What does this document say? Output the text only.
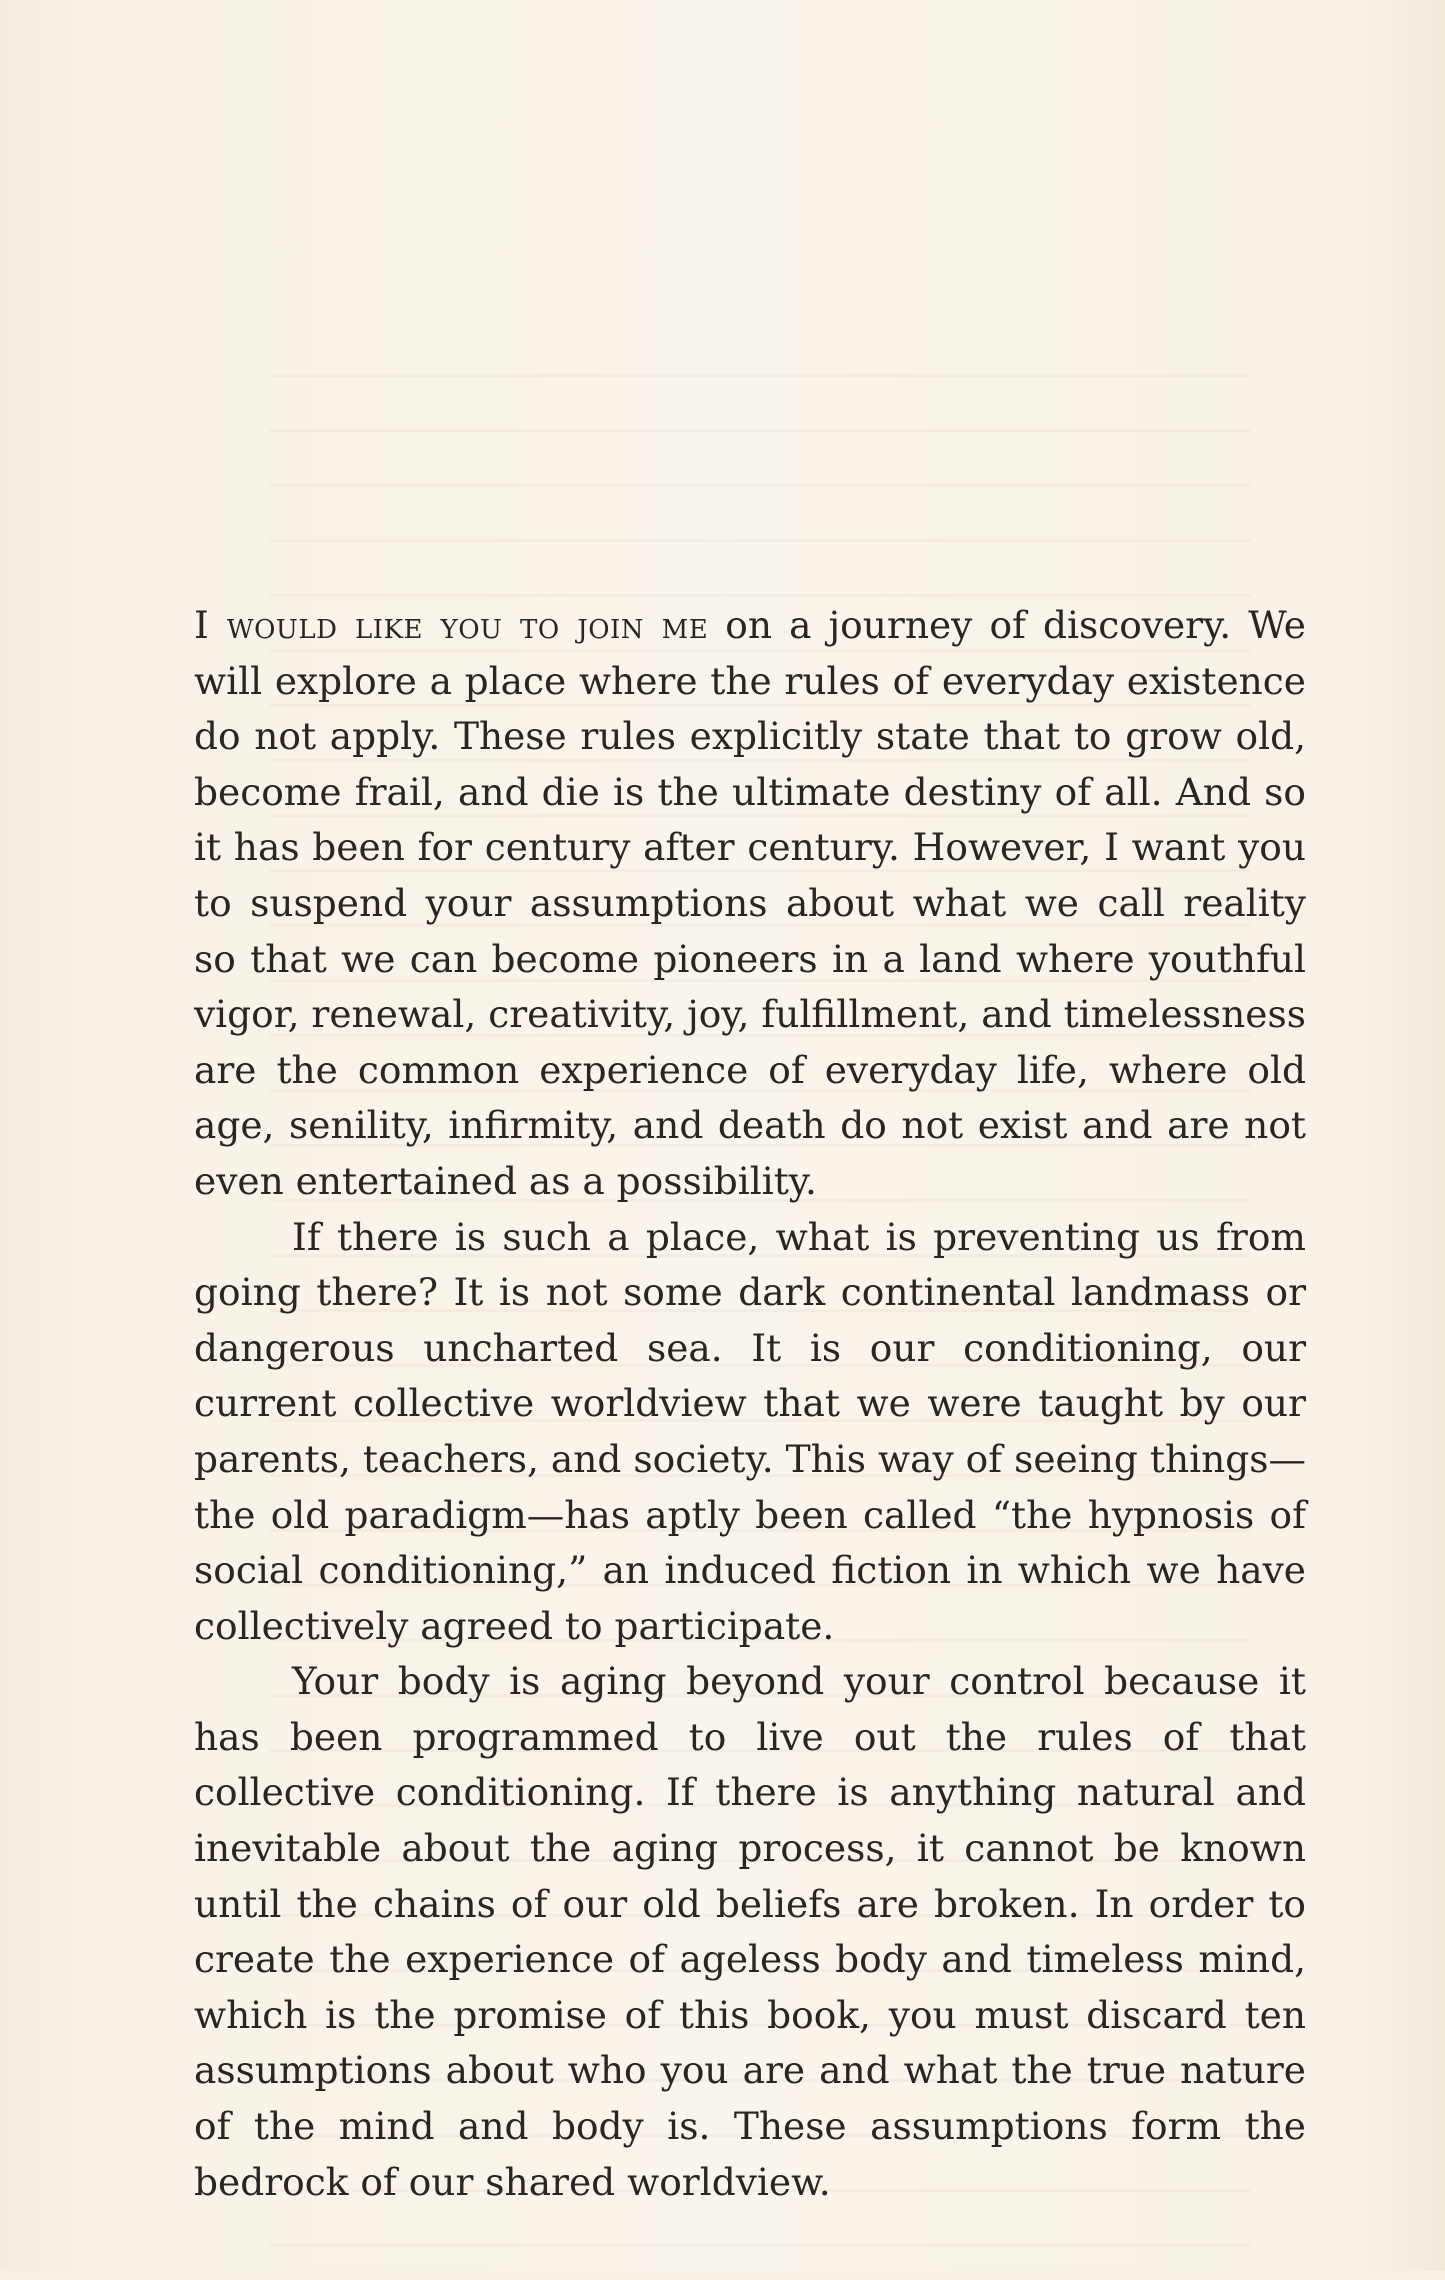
I would like you to join me on a journey of discovery. We will explore a place where the rules of everyday existence do not apply. These rules explicitly state that to grow old, become frail, and die is the ultimate destiny of all. And so it has been for century after century. However, I want you to suspend your assumptions about what we call reality so that we can become pioneers in a land where youthful vigor, renewal, creativity, joy, fulfillment, and timelessness are the common experience of everyday life, where old age, senility, infirmity, and death do not exist and are not even entertained as a possibility.

If there is such a place, what is preventing us from going there? It is not some dark continental landmass or dangerous uncharted sea. It is our conditioning, our current collective worldview that we were taught by our parents, teachers, and society. This way of seeing things—the old paradigm—has aptly been called “the hypnosis of social conditioning,” an induced fiction in which we have collectively agreed to participate.

Your body is aging beyond your control because it has been programmed to live out the rules of that collective conditioning. If there is anything natural and inevitable about the aging process, it cannot be known until the chains of our old beliefs are broken. In order to create the experience of ageless body and timeless mind, which is the promise of this book, you must discard ten assumptions about who you are and what the true nature of the mind and body is. These assumptions form the bedrock of our shared worldview.
